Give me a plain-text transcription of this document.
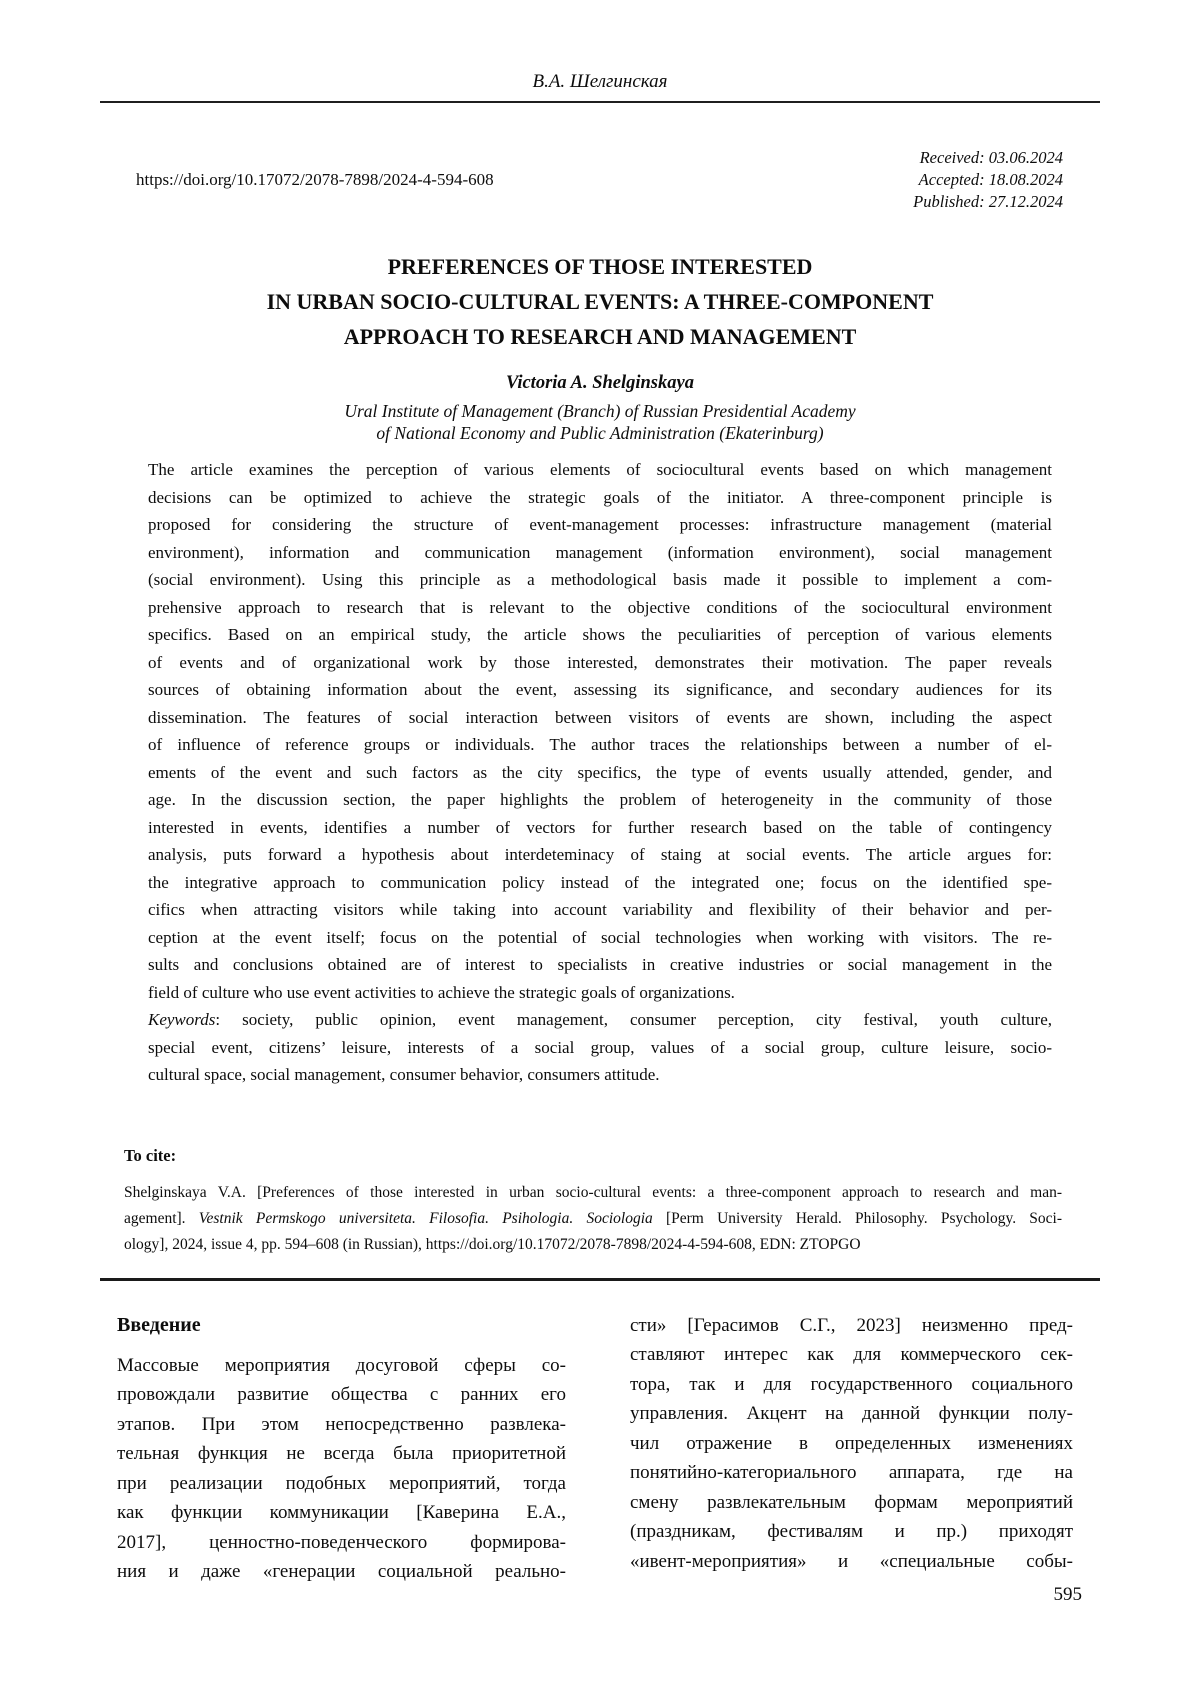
В.А. Шелгинская
https://doi.org/10.17072/2078-7898/2024-4-594-608
Received: 03.06.2024
Accepted: 18.08.2024
Published: 27.12.2024
PREFERENCES OF THOSE INTERESTED
IN URBAN SOCIO-CULTURAL EVENTS: A THREE-COMPONENT
APPROACH TO RESEARCH AND MANAGEMENT
Victoria A. Shelginskaya
Ural Institute of Management (Branch) of Russian Presidential Academy
of National Economy and Public Administration (Ekaterinburg)
The article examines the perception of various elements of sociocultural events based on which management
decisions can be optimized to achieve the strategic goals of the initiator. A three-component principle is
proposed for considering the structure of event-management processes: infrastructure management (material
environment), information and communication management (information environment), social management
(social environment). Using this principle as a methodological basis made it possible to implement a com-
prehensive approach to research that is relevant to the objective conditions of the sociocultural environment
specifics. Based on an empirical study, the article shows the peculiarities of perception of various elements
of events and of organizational work by those interested, demonstrates their motivation. The paper reveals
sources of obtaining information about the event, assessing its significance, and secondary audiences for its
dissemination. The features of social interaction between visitors of events are shown, including the aspect
of influence of reference groups or individuals. The author traces the relationships between a number of el-
ements of the event and such factors as the city specifics, the type of events usually attended, gender, and
age. In the discussion section, the paper highlights the problem of heterogeneity in the community of those
interested in events, identifies a number of vectors for further research based on the table of contingency
analysis, puts forward a hypothesis about interdeteminacy of staing at social events. The article argues for:
the integrative approach to communication policy instead of the integrated one; focus on the identified spe-
cifics when attracting visitors while taking into account variability and flexibility of their behavior and per-
ception at the event itself; focus on the potential of social technologies when working with visitors. The re-
sults and conclusions obtained are of interest to specialists in creative industries or social management in the
field of culture who use event activities to achieve the strategic goals of organizations.
Keywords: society, public opinion, event management, consumer perception, city festival, youth culture,
special event, citizens’ leisure, interests of a social group, values of a social group, culture leisure, socio-
cultural space, social management, consumer behavior, consumers attitude.
To cite:
Shelginskaya V.A. [Preferences of those interested in urban socio-cultural events: a three-component approach to research and man-
agement]. Vestnik Permskogo universiteta. Filosofia. Psihologia. Sociologia [Perm University Herald. Philosophy. Psychology. Soci-
ology], 2024, issue 4, pp. 594–608 (in Russian), https://doi.org/10.17072/2078-7898/2024-4-594-608, EDN: ZTOPGO
Введение
Массовые мероприятия досуговой сферы со-
провождали развитие общества с ранних его
этапов. При этом непосредственно развлека-
тельная функция не всегда была приоритетной
при реализации подобных мероприятий, тогда
как функции коммуникации [Каверина Е.А.,
2017], ценностно-поведенческого формирова-
ния и даже «генерации социальной реально-
сти» [Герасимов С.Г., 2023] неизменно пред-
ставляют интерес как для коммерческого сек-
тора, так и для государственного социального
управления. Акцент на данной функции полу-
чил отражение в определенных изменениях
понятийно-категориального аппарата, где на
смену развлекательным формам мероприятий
(праздникам, фестивалям и пр.) приходят
«ивент-мероприятия» и «специальные собы-
595
